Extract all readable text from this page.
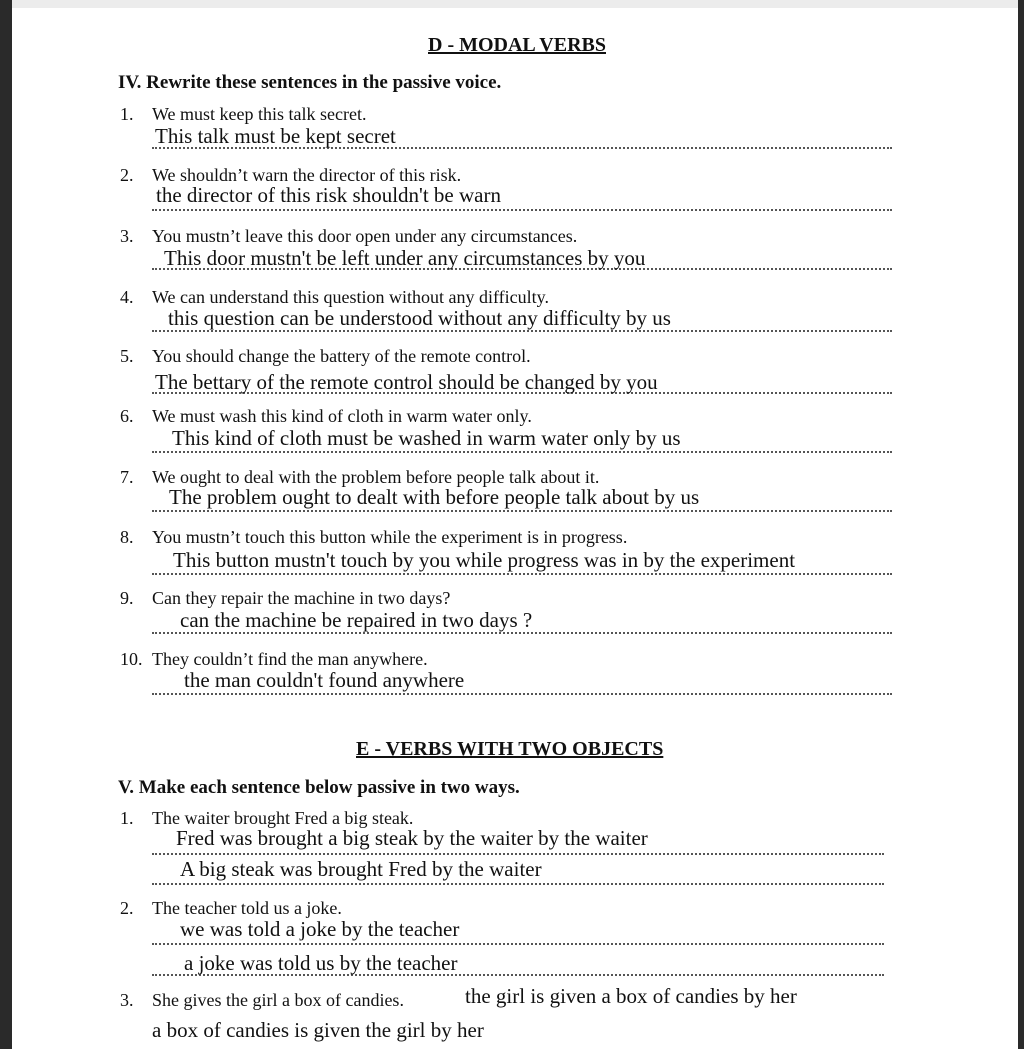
D - MODAL VERBS
IV. Rewrite these sentences in the passive voice.
1. We must keep this talk secret.
This talk must be kept secret
2. We shouldn’t warn the director of this risk.
the director of this risk shouldn't be warn
3. You mustn’t leave this door open under any circumstances.
This door mustn't be left under any circumstances by you
4. We can understand this question without any difficulty.
this question can be understood without any difficulty by us
5. You should change the battery of the remote control.
The bettary of the remote control should be changed by you
6. We must wash this kind of cloth in warm water only.
This kind of cloth must be washed in warm water only by us
7. We ought to deal with the problem before people talk about it.
The problem ought to dealt with before people talk about by us
8. You mustn’t touch this button while the experiment is in progress.
This button mustn't touch by you while progress was in by the experiment
9. Can they repair the machine in two days?
can the machine be repaired in two days ?
10. They couldn’t find the man anywhere.
the man couldn't found anywhere
E - VERBS WITH TWO OBJECTS
V. Make each sentence below passive in two ways.
1. The waiter brought Fred a big steak.
Fred was brought a big steak by the waiter by the waiter
A big steak was brought Fred by the waiter
2. The teacher told us a joke.
we was told a joke by the teacher
a joke was told us by the teacher
3. She gives the girl a box of candies.	the girl is given a box of candies by her
a box of candies is given the girl by her
